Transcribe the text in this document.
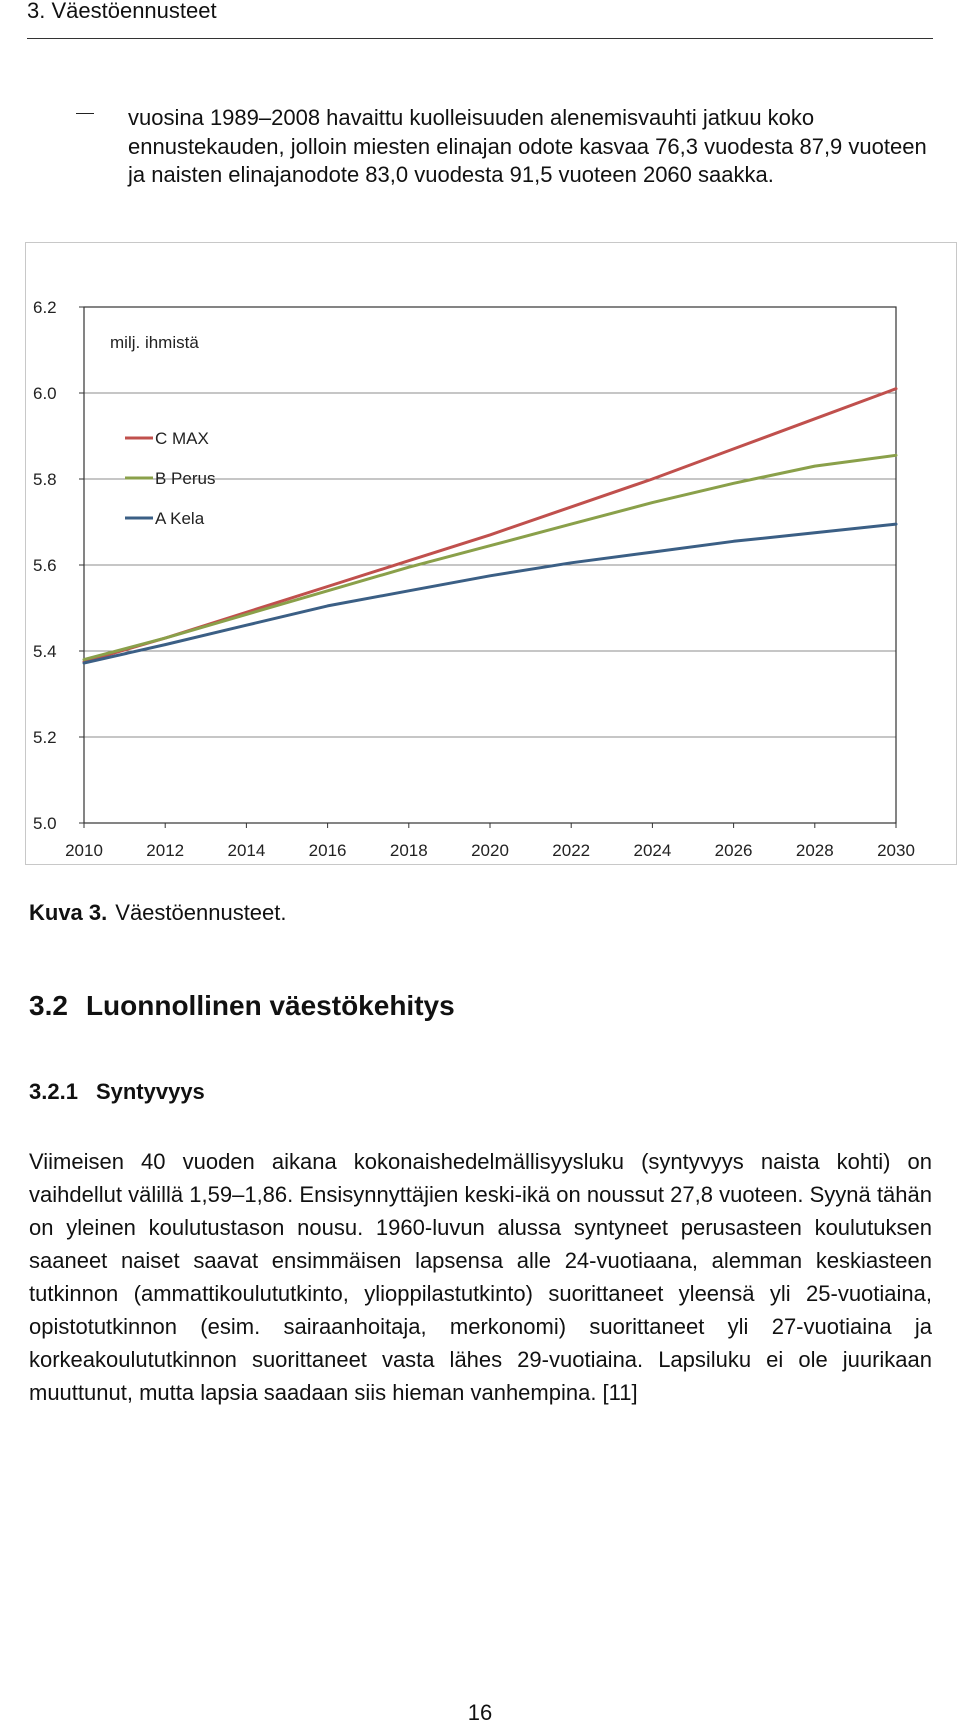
3. Väestöennusteet
vuosina 1989–2008 havaittu kuolleisuuden alenemisvauhti jatkuu koko ennustekauden, jolloin miesten elinajan odote kasvaa 76,3 vuodesta 87,9 vuoteen ja naisten elinajanodote 83,0 vuodesta 91,5 vuoteen 2060 saakka.
6.2
6.0
5.8
5.6
5.4
5.2
5.0
2010	2012	2014	2016	2018	2020	2022	2024	2026	2028	2030
milj. ihmistä
C MAX
B Perus
A Kela
Kuva 3. Väestöennusteet.
3.2 Luonnollinen väestökehitys
3.2.1 Syntyvyys
Viimeisen 40 vuoden aikana kokonaishedelmällisyysluku (syntyvyys naista kohti) on vaihdellut välillä 1,59–1,86. Ensisynnyttäjien keski-ikä on noussut 27,8 vuoteen. Syynä tähän on yleinen koulutustason nousu. 1960-luvun alussa syntyneet perusasteen koulutuksen saaneet naiset saavat ensimmäisen lapsensa alle 24-vuotiaana, alemman keskiasteen tutkinnon (ammattikoulututkinto, ylioppilastutkinto) suorittaneet yleensä yli 25-vuotiaina, opistotutkinnon (esim. sairaanhoitaja, merkonomi) suorittaneet yli 27-vuotiaina ja korkeakoulututkinnon suorittaneet vasta lähes 29-vuotiaina. Lapsiluku ei ole juurikaan muuttunut, mutta lapsia saadaan siis hieman vanhempina. [11]
16
